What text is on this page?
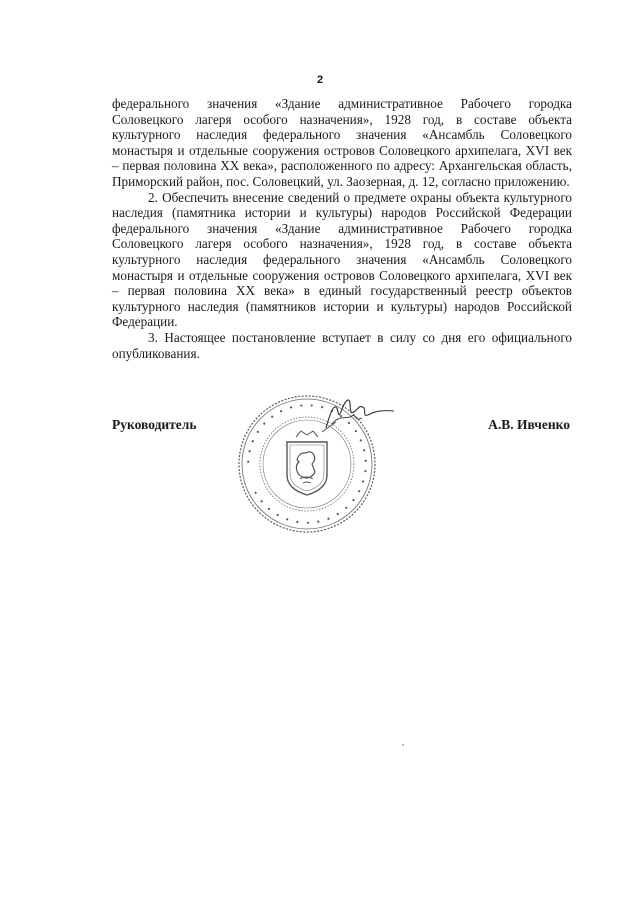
2

федерального значения «Здание административное Рабочего городка Соловецкого лагеря особого назначения», 1928 год, в составе объекта культурного наследия федерального значения «Ансамбль Соловецкого монастыря и отдельные сооружения островов Соловецкого архипелага, XVI век – первая половина XX века», расположенного по адресу: Архангельская область, Приморский район, пос. Соловецкий, ул. Заозерная, д. 12, согласно приложению.

2. Обеспечить внесение сведений о предмете охраны объекта культурного наследия (памятника истории и культуры) народов Российской Федерации федерального значения «Здание административное Рабочего городка Соловецкого лагеря особого назначения», 1928 год, в составе объекта культурного наследия федерального значения «Ансамбль Соловецкого монастыря и отдельные сооружения островов Соловецкого архипелага, XVI век – первая половина XX века» в единый государственный реестр объектов культурного наследия (памятников истории и культуры) народов Российской Федерации.

3. Настоящее постановление вступает в силу со дня его официального опубликования.

Руководитель
• • • • • • • • • • • • • • • • • • • • • • • • • • • • • • • • •
А.В. Ивченко
